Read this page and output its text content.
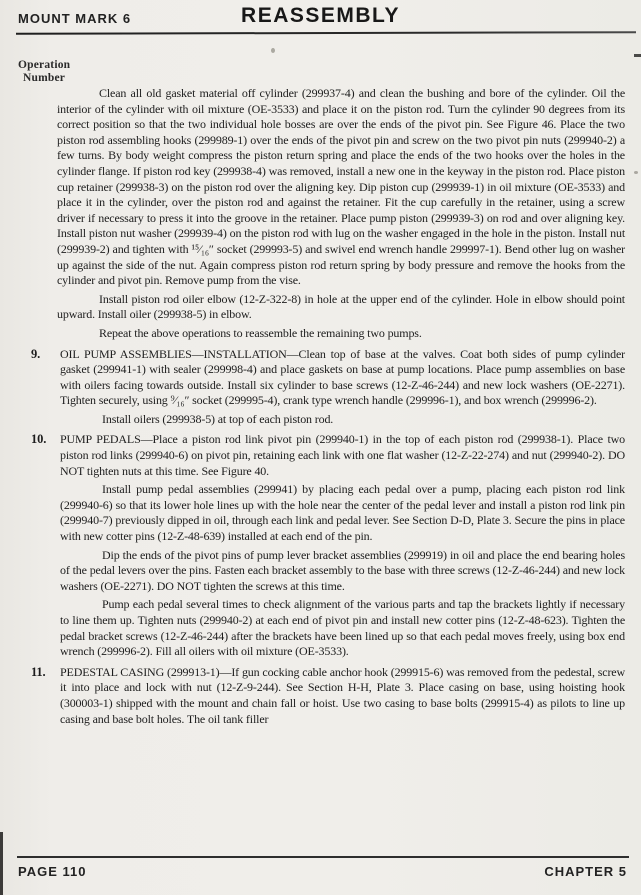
MOUNT MARK 6	REASSEMBLY
Operation
Number

Clean all old gasket material off cylinder (299937-4) and clean the bushing and bore of the cylinder. Oil the interior of the cylinder with oil mixture (OE-3533) and place it on the piston rod. Turn the cylinder 90 degrees from its correct position so that the two individual hole bosses are over the ends of the pivot pin. See Figure 46. Place the two piston rod assembling hooks (299989-1) over the ends of the pivot pin and screw on the two pivot pin nuts (299940-2) a few turns. By body weight compress the piston return spring and place the ends of the two hooks over the holes in the cylinder flange. If piston rod key (299938-4) was removed, install a new one in the keyway in the piston rod. Place piston cup retainer (299938-3) on the piston rod over the aligning key. Dip piston cup (299939-1) in oil mixture (OE-3533) and place it in the cylinder, over the piston rod and against the retainer. Fit the cup carefully in the retainer, using a screw driver if necessary to press it into the groove in the retainer. Place pump piston (299939-3) on rod and over aligning key. Install piston nut washer (299939-4) on the piston rod with lug on the washer engaged in the hole in the piston. Install nut (299939-2) and tighten with ¹⁵⁄₁₆″ socket (299993-5) and swivel end wrench handle 299997-1). Bend other lug on washer up against the side of the nut. Again compress piston rod return spring by body pressure and remove the hooks from the cylinder and pivot pin. Remove pump from the vise.

Install piston rod oiler elbow (12-Z-322-8) in hole at the upper end of the cylinder. Hole in elbow should point upward. Install oiler (299938-5) in elbow.

Repeat the above operations to reassemble the remaining two pumps.

9. OIL PUMP ASSEMBLIES—INSTALLATION—Clean top of base at the valves. Coat both sides of pump cylinder gasket (299941-1) with sealer (299998-4) and place gaskets on base at pump locations. Place pump assemblies on base with oilers facing towards outside. Install six cylinder to base screws (12-Z-46-244) and new lock washers (OE-2271). Tighten securely, using ⁹⁄₁₆″ socket (299995-4), crank type wrench handle (299996-1), and box wrench (299996-2).

Install oilers (299938-5) at top of each piston rod.

10. PUMP PEDALS—Place a piston rod link pivot pin (299940-1) in the top of each piston rod (299938-1). Place two piston rod links (299940-6) on pivot pin, retaining each link with one flat washer (12-Z-22-274) and nut (299940-2). DO NOT tighten nuts at this time. See Figure 40.

Install pump pedal assemblies (299941) by placing each pedal over a pump, placing each piston rod link (299940-6) so that its lower hole lines up with the hole near the center of the pedal lever and install a piston rod link pin (299940-7) previously dipped in oil, through each link and pedal lever. See Section D-D, Plate 3. Secure the pins in place with new cotter pins (12-Z-48-639) installed at each end of the pin.

Dip the ends of the pivot pins of pump lever bracket assemblies (299919) in oil and place the end bearing holes of the pedal levers over the pins. Fasten each bracket assembly to the base with three screws (12-Z-46-244) and new lock washers (OE-2271). DO NOT tighten the screws at this time.

Pump each pedal several times to check alignment of the various parts and tap the brackets lightly if necessary to line them up. Tighten nuts (299940-2) at each end of pivot pin and install new cotter pins (12-Z-48-623). Tighten the pedal bracket screws (12-Z-46-244) after the brackets have been lined up so that each pedal moves freely, using box end wrench (299996-2). Fill all oilers with oil mixture (OE-3533).

11. PEDESTAL CASING (299913-1)—If gun cocking cable anchor hook (299915-6) was removed from the pedestal, screw it into place and lock with nut (12-Z-9-244). See Section H-H, Plate 3. Place casing on base, using hoisting hook (300003-1) shipped with the mount and chain fall or hoist. Use two casing to base bolts (299915-4) as pilots to line up casing and base bolt holes. The oil tank filler

PAGE 110	CHAPTER 5
